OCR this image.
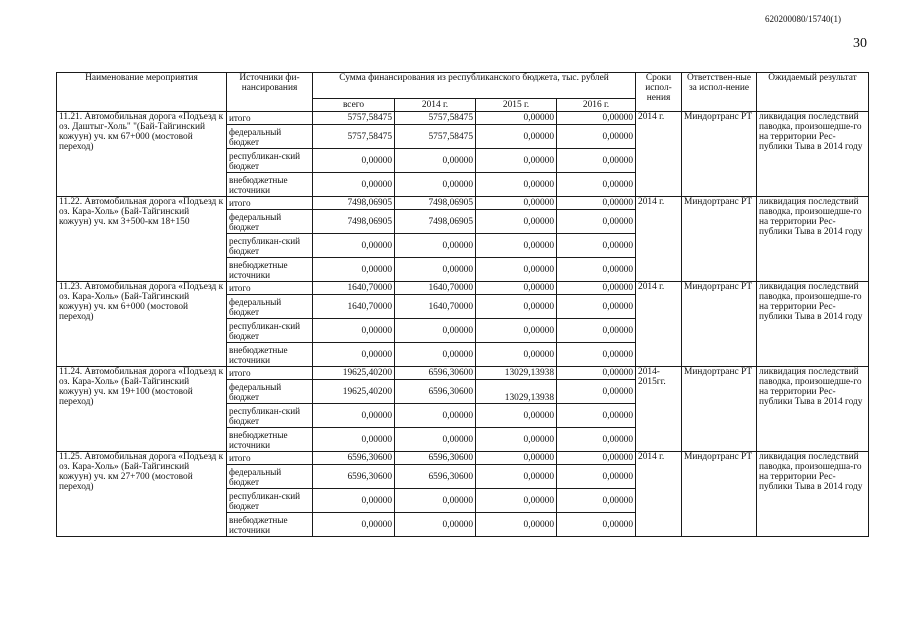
620200080/15740(1)
30
Наименование мероприятия	Источники фи-нансирования	Сумма финансирования из республиканского бюджета, тыс. рублей				Сроки испол-нения	Ответствен-ные за испол-нение	Ожидаемый результат
		всего	2014 г.	2015 г.	2016 г.			
11.21. Автомобильная дорога «Подъезд к оз. Даштыг-Холь" "(Бай-Тайгинский кожуун) уч. км 67+000 (мостовой переход)	итого	5757,58475	5757,58475	0,00000	0,00000	2014 г.	Миндортранс РТ	ликвидация последствий паводка, произошедше-го на территории Рес-публики Тыва в 2014 году
	федеральный бюджет	5757,58475	5757,58475	0,00000	0,00000			
	республикан-ский бюджет	0,00000	0,00000	0,00000	0,00000			
	внебюджетные источники	0,00000	0,00000	0,00000	0,00000			
11.22. Автомобильная дорога «Подъезд к оз. Кара-Холь» (Бай-Тайгинский кожуун) уч. км 3+500-км 18+150	итого	7498,06905	7498,06905	0,00000	0,00000	2014 г.	Миндортранс РТ	ликвидация последствий паводка, произошедше-го на территории Рес-публики Тыва в 2014 году
	федеральный бюджет	7498,06905	7498,06905	0,00000	0,00000			
	республикан-ский бюджет	0,00000	0,00000	0,00000	0,00000			
	внебюджетные источники	0,00000	0,00000	0,00000	0,00000			
11.23. Автомобильная дорога «Подъезд к оз. Кара-Холь» (Бай-Тайгинский кожуун) уч. км 6+000 (мостовой переход)	итого	1640,70000	1640,70000	0,00000	0,00000	2014 г.	Миндортранс РТ	ликвидация последствий паводка, произошедше-го на территории Рес-публики Тыва в 2014 году
	федеральный бюджет	1640,70000	1640,70000	0,00000	0,00000			
	республикан-ский бюджет	0,00000	0,00000	0,00000	0,00000			
	внебюджетные источники	0,00000	0,00000	0,00000	0,00000			
11.24. Автомобильная дорога «Подъезд к оз. Кара-Холь» (Бай-Тайгинский кожуун) уч. км 19+100 (мостовой переход)	итого	19625,40200	6596,30600	13029,13938	0,00000	2014-2015гг.	Миндортранс РТ	ликвидация последствий паводка, произошедше-го на территории Рес-публики Тыва в 2014 году
	федеральный бюджет	19625,40200	6596,30600	13029,13938	0,00000			
	республикан-ский бюджет	0,00000	0,00000	0,00000	0,00000			
	внебюджетные источники	0,00000	0,00000	0,00000	0,00000			
11.25. Автомобильная дорога «Подъезд к оз. Кара-Холь» (Бай-Тайгинский кожуун) уч. км 27+700 (мостовой переход)	итого	6596,30600	6596,30600	0,00000	0,00000	2014 г.	Миндортранс РТ	ликвидация последствий паводка, произошедша-го на территории Рес-публики Тыва в 2014 году
	федеральный бюджет	6596,30600	6596,30600	0,00000	0,00000			
	республикан-ский бюджет	0,00000	0,00000	0,00000	0,00000			
	внебюджетные источники	0,00000	0,00000	0,00000	0,00000			
